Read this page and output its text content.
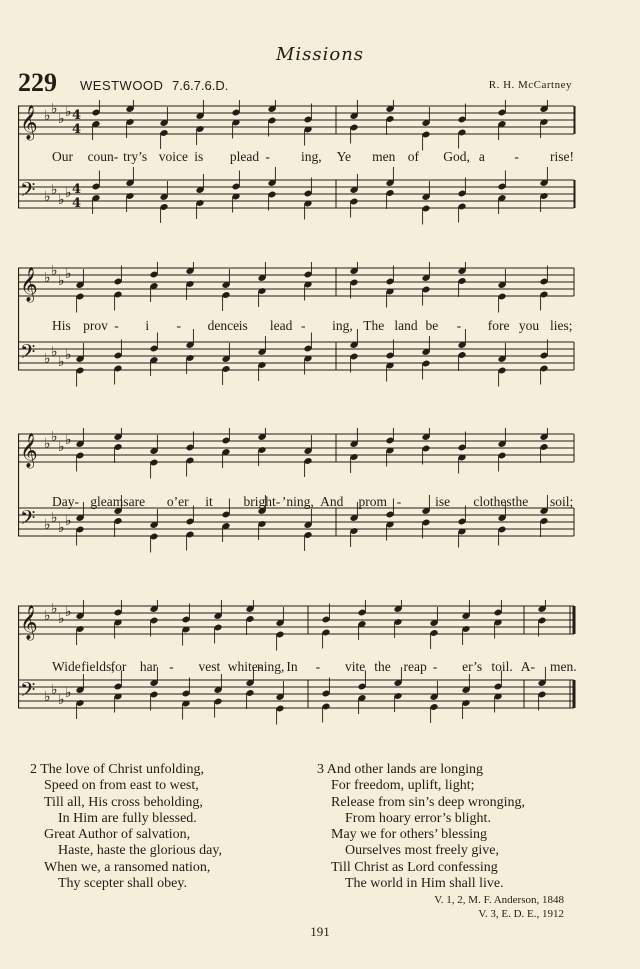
Missions
229 WESTWOOD 7.6.7.6.D.	R. H. McCartney
𝄞 ♭ ♭
♭ ♭ 4
4
𝄢 ♭ ♭
♭ ♭ 4
4
𝄞 ♭ ♭
♭ ♭
𝄢 ♭ ♭
♭ ♭
𝄞 ♭ ♭
♭ ♭
𝄢 ♭ ♭
♭ ♭
𝄞 ♭ ♭
♭ ♭
𝄢 ♭ ♭
♭ ♭
Our coun- try’s voice is plead - ing, Ye men of God, a - rise!
His prov - i - dence is lead - ing, The land be - fore you lies;
Day- gleams are o’er it bright- ’ning, And prom -	ise clothes the soil;
Wide fields,
for har - vest white-
ning, In - vite the reap - er’s toil. A- men.
2 The love of Christ unfolding,
Speed on from east to west,
Till all, His cross beholding,
In Him are fully blessed.
Great Author of salvation,
Haste, haste the glorious day,
When we, a ransomed nation,
Thy scepter shall obey.
3 And other lands are longing
For freedom, uplift, light;
Release from sin’s deep wronging,
From hoary error’s blight.
May we for others’ blessing
Ourselves most freely give,
Till Christ as Lord confessing
The world in Him shall live.
V. 1, 2, M. F. Anderson, 1848
V. 3, E. D. E., 1912
191
